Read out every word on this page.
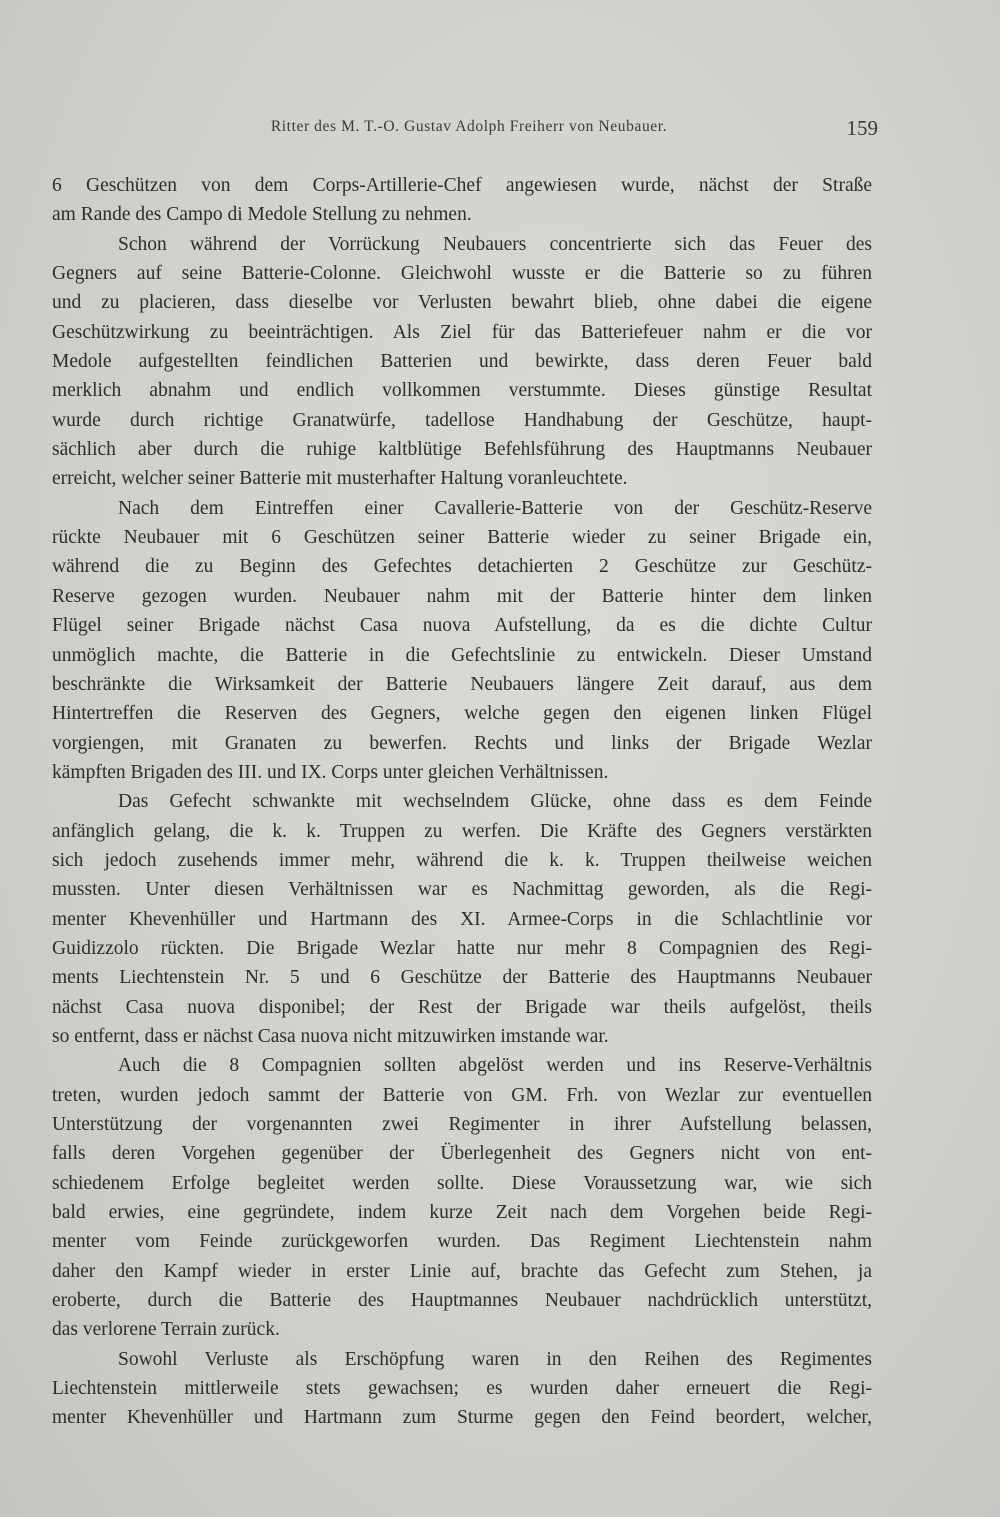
Ritter des M. T.-O. Gustav Adolph Freiherr von Neubauer.	159
6 Geschützen von dem Corps-Artillerie-Chef angewiesen wurde, nächst der Straße
am Rande des Campo di Medole Stellung zu nehmen.
Schon während der Vorrückung Neubauers concentrierte sich das Feuer des
Gegners auf seine Batterie-Colonne. Gleichwohl wusste er die Batterie so zu führen
und zu placieren, dass dieselbe vor Verlusten bewahrt blieb, ohne dabei die eigene
Geschützwirkung zu beeinträchtigen. Als Ziel für das Batteriefeuer nahm er die vor
Medole aufgestellten feindlichen Batterien und bewirkte, dass deren Feuer bald
merklich abnahm und endlich vollkommen verstummte. Dieses günstige Resultat
wurde durch richtige Granatwürfe, tadellose Handhabung der Geschütze, haupt-
sächlich aber durch die ruhige kaltblütige Befehlsführung des Hauptmanns Neubauer
erreicht, welcher seiner Batterie mit musterhafter Haltung voranleuchtete.
Nach dem Eintreffen einer Cavallerie-Batterie von der Geschütz-Reserve
rückte Neubauer mit 6 Geschützen seiner Batterie wieder zu seiner Brigade ein,
während die zu Beginn des Gefechtes detachierten 2 Geschütze zur Geschütz-
Reserve gezogen wurden. Neubauer nahm mit der Batterie hinter dem linken
Flügel seiner Brigade nächst Casa nuova Aufstellung, da es die dichte Cultur
unmöglich machte, die Batterie in die Gefechtslinie zu entwickeln. Dieser Umstand
beschränkte die Wirksamkeit der Batterie Neubauers längere Zeit darauf, aus dem
Hintertreffen die Reserven des Gegners, welche gegen den eigenen linken Flügel
vorgiengen, mit Granaten zu bewerfen. Rechts und links der Brigade Wezlar
kämpften Brigaden des III. und IX. Corps unter gleichen Verhältnissen.
Das Gefecht schwankte mit wechselndem Glücke, ohne dass es dem Feinde
anfänglich gelang, die k. k. Truppen zu werfen. Die Kräfte des Gegners verstärkten
sich jedoch zusehends immer mehr, während die k. k. Truppen theilweise weichen
mussten. Unter diesen Verhältnissen war es Nachmittag geworden, als die Regi-
menter Khevenhüller und Hartmann des XI. Armee-Corps in die Schlachtlinie vor
Guidizzolo rückten. Die Brigade Wezlar hatte nur mehr 8 Compagnien des Regi-
ments Liechtenstein Nr. 5 und 6 Geschütze der Batterie des Hauptmanns Neubauer
nächst Casa nuova disponibel; der Rest der Brigade war theils aufgelöst, theils
so entfernt, dass er nächst Casa nuova nicht mitzuwirken imstande war.
Auch die 8 Compagnien sollten abgelöst werden und ins Reserve-Verhältnis
treten, wurden jedoch sammt der Batterie von GM. Frh. von Wezlar zur eventuellen
Unterstützung der vorgenannten zwei Regimenter in ihrer Aufstellung belassen,
falls deren Vorgehen gegenüber der Überlegenheit des Gegners nicht von ent-
schiedenem Erfolge begleitet werden sollte. Diese Voraussetzung war, wie sich
bald erwies, eine gegründete, indem kurze Zeit nach dem Vorgehen beide Regi-
menter vom Feinde zurückgeworfen wurden. Das Regiment Liechtenstein nahm
daher den Kampf wieder in erster Linie auf, brachte das Gefecht zum Stehen, ja
eroberte, durch die Batterie des Hauptmannes Neubauer nachdrücklich unterstützt,
das verlorene Terrain zurück.
Sowohl Verluste als Erschöpfung waren in den Reihen des Regimentes
Liechtenstein mittlerweile stets gewachsen; es wurden daher erneuert die Regi-
menter Khevenhüller und Hartmann zum Sturme gegen den Feind beordert, welcher,
